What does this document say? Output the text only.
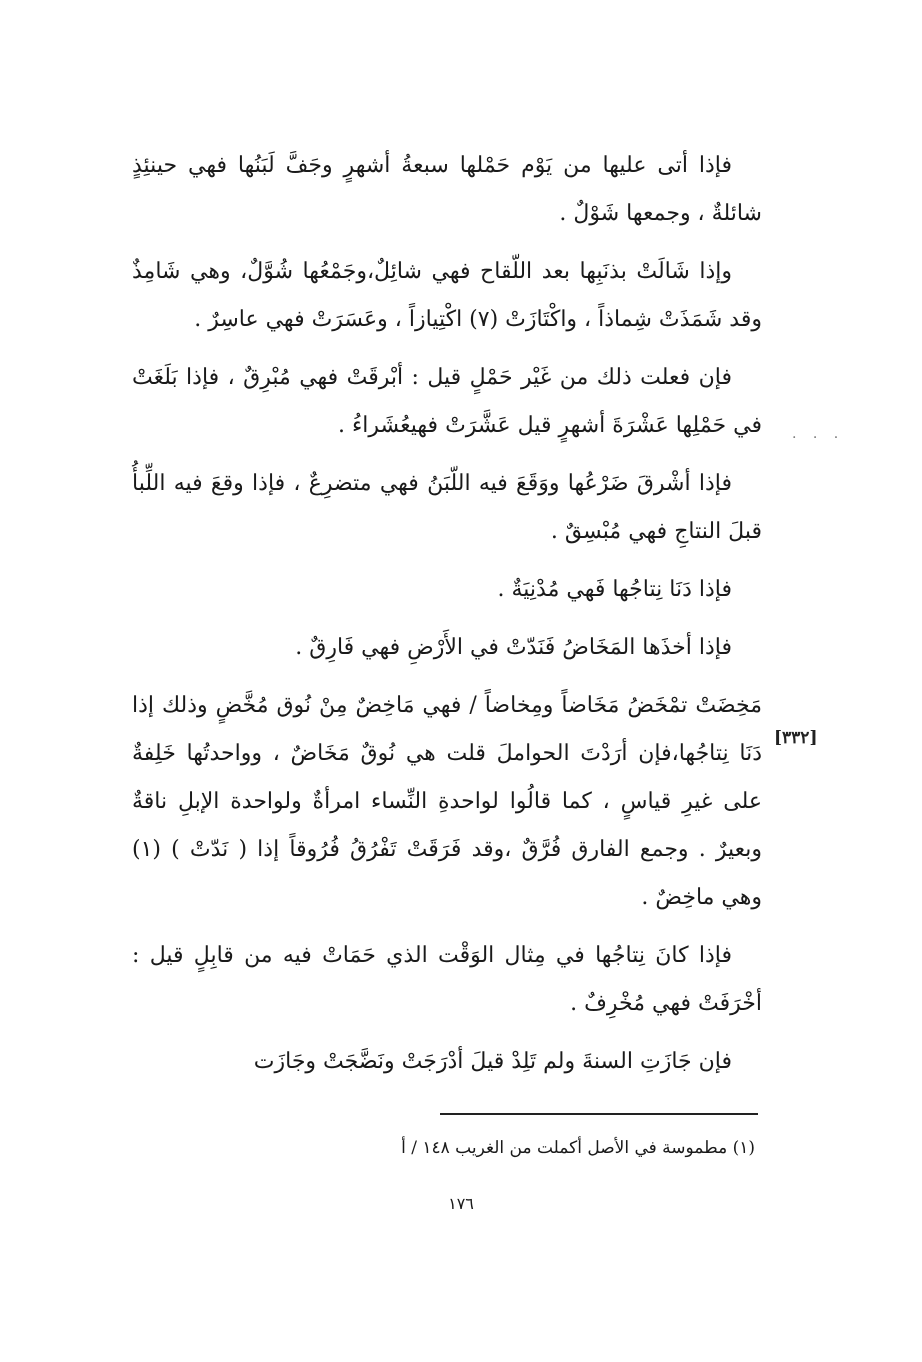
فإذا أتى عليها من يَوْم حَمْلها سبعةُ أشهرٍ وجَفَّ لَبَنُها فهي حينئِذٍ شائلةٌ ، وجمعها شَوْلٌ .

وإذا شَالَتْ بذنَبِها بعد اللّقاح فهي شائِلٌ،وجَمْعُها شُوَّلٌ، وهي شَامِذٌ وقد شَمَذَتْ شِماذاً ، واكْتَازَتْ (٧) اكْتِيازاً ، وعَسَرَتْ فهي عاسِرٌ .

فإن فعلت ذلك من غَيْر حَمْلٍ قيل : أبْرقَتْ فهي مُبْرِقٌ ، فإذا بَلَغَتْ في حَمْلِها عَشْرَةَ أشهرٍ قيل عَشَّرَتْ فهيعُشَراءُ .

فإذا أشْرقَ ضَرْعُها ووَقَعَ فيه اللّبَنُ فهي متضرِعٌ ، فإذا وقعَ فيه اللِّبأُ قبلَ النتاجِ فهي مُبْسِقٌ .

فإذا دَنَا نِتاجُها فَهي مُدْنِيَةٌ .

فإذا أخذَها المَخَاضُ فَنَدّتْ في الأَرْضِ فهي فَارِقٌ .

مَخِضَتْ تمْخَضُ مَخَاضاً ومِخاضاً / فهي مَاخِضٌ مِنْ نُوق مُخَّضٍ وذلك إذا دَنَا نِتاجُها،فإن أرَدْتَ الحواملَ قلت هي نُوقٌ مَخَاضٌ ، وواحدتُها خَلِفةٌ على غيرِ قياسٍ ، كما قالُوا لواحدةِ النِّساء امرأةٌ ولواحدة الإبلِ ناقةٌ وبعيرٌ . وجمع الفارق فُرَّقٌ ،وقد فَرَقَتْ تَفْرُقُ فُرُوقاً إذا ( نَدّتْ ) (١) وهي ماخِضٌ .

فإذا كانَ نِتاجُها في مِثال الوَقْت الذي حَمَاتْ فيه من قابِلٍ قيل : أخْرَفَتْ فهي مُخْرِفٌ .

فإن جَازَتِ السنةَ ولم تَلِدْ قيلَ أدْرَجَتْ ونَضَّجَتْ وجَازَت

. . .
[٣٣٢]
(١) مطموسة في الأصل أكملت من الغريب ١٤٨ / أ
١٧٦
